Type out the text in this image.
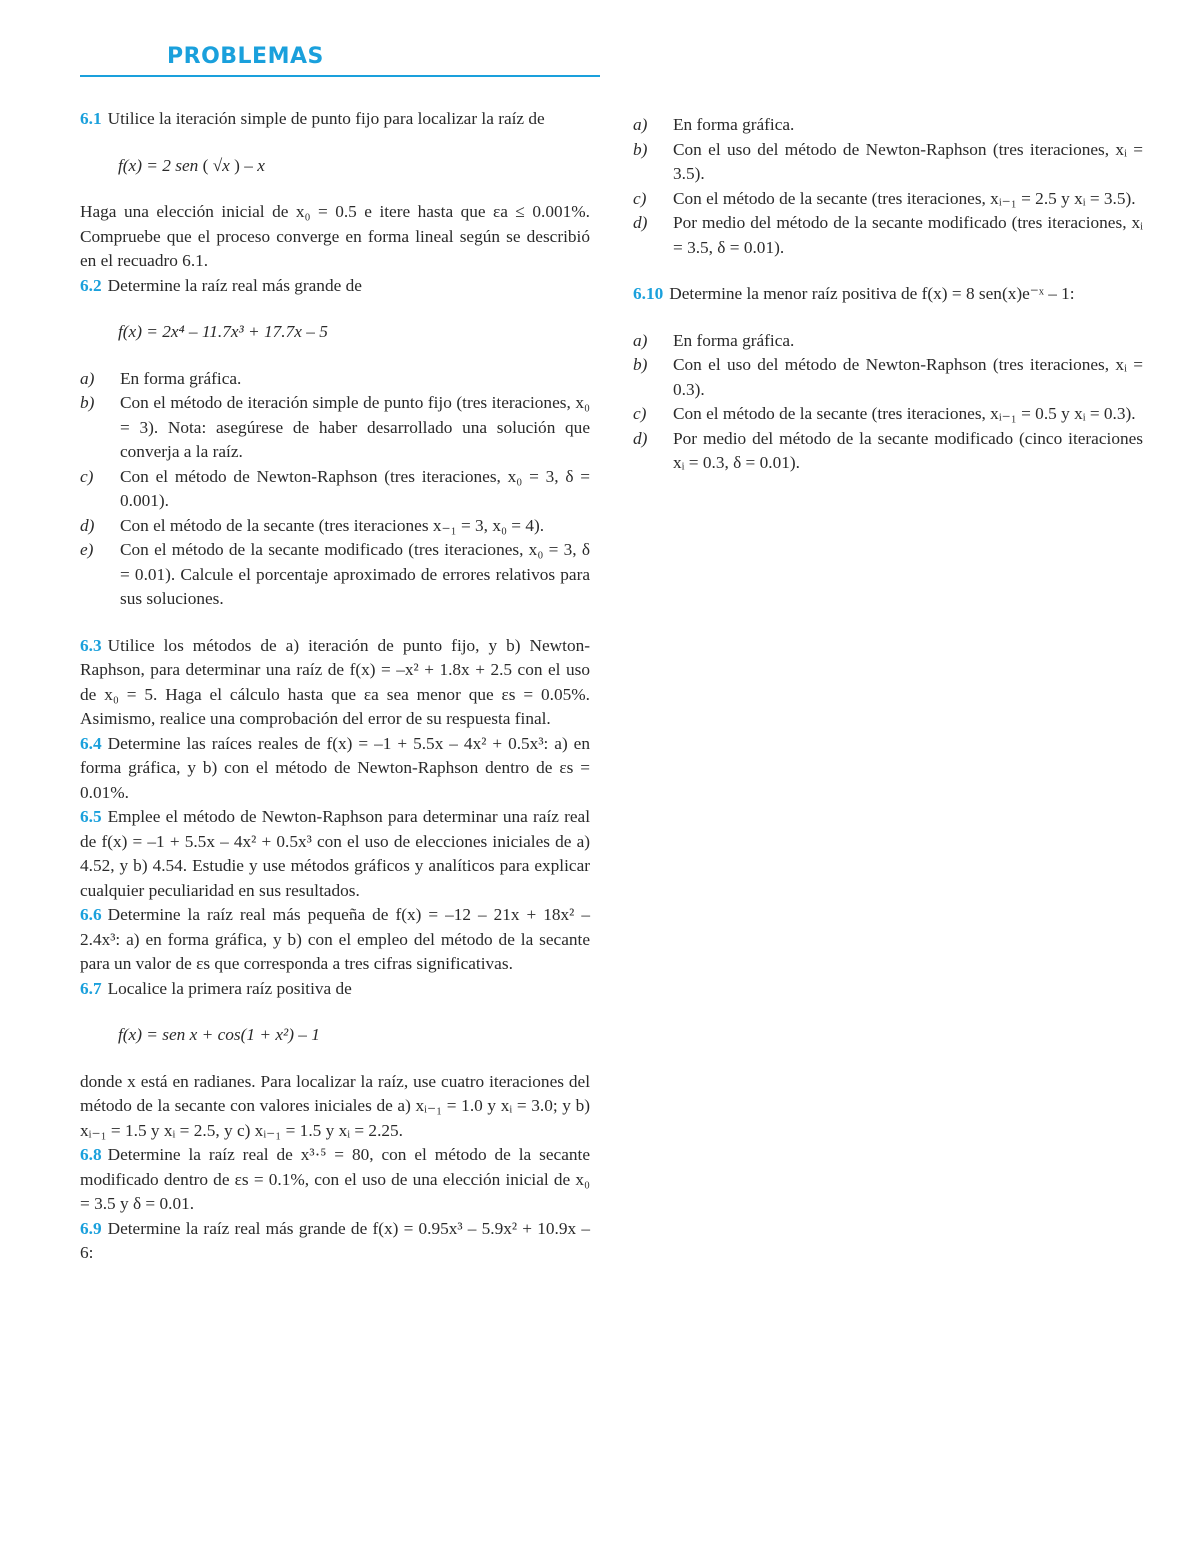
PROBLEMAS

6.1 Utilice la iteración simple de punto fijo para localizar la raíz de

f(x) = 2 sen ( √x ) – x

Haga una elección inicial de x₀ = 0.5 e itere hasta que εa ≤ 0.001%. Compruebe que el proceso converge en forma lineal según se describió en el recuadro 6.1.

6.2 Determine la raíz real más grande de

f(x) = 2x⁴ – 11.7x³ + 17.7x – 5
a)	En forma gráfica.
b)	Con el método de iteración simple de punto fijo (tres iteraciones, x₀ = 3). Nota: asegúrese de haber desarrollado una solución que converja a la raíz.
c)	Con el método de Newton-Raphson (tres iteraciones, x₀ = 3, δ = 0.001).
d)	Con el método de la secante (tres iteraciones x₋₁ = 3, x₀ = 4).
e)	Con el método de la secante modificado (tres iteraciones, x₀ = 3, δ = 0.01). Calcule el porcentaje aproximado de errores relativos para sus soluciones.

6.3 Utilice los métodos de a) iteración de punto fijo, y b) Newton-Raphson, para determinar una raíz de f(x) = –x² + 1.8x + 2.5 con el uso de x₀ = 5. Haga el cálculo hasta que εa sea menor que εs = 0.05%. Asimismo, realice una comprobación del error de su respuesta final.

6.4 Determine las raíces reales de f(x) = –1 + 5.5x – 4x² + 0.5x³: a) en forma gráfica, y b) con el método de Newton-Raphson dentro de εs = 0.01%.

6.5 Emplee el método de Newton-Raphson para determinar una raíz real de f(x) = –1 + 5.5x – 4x² + 0.5x³ con el uso de elecciones iniciales de a) 4.52, y b) 4.54. Estudie y use métodos gráficos y analíticos para explicar cualquier peculiaridad en sus resultados.

6.6 Determine la raíz real más pequeña de f(x) = –12 – 21x + 18x² – 2.4x³: a) en forma gráfica, y b) con el empleo del método de la secante para un valor de εs que corresponda a tres cifras significativas.

6.7 Localice la primera raíz positiva de

f(x) = sen x + cos(1 + x²) – 1

donde x está en radianes. Para localizar la raíz, use cuatro iteraciones del método de la secante con valores iniciales de a) xᵢ₋₁ = 1.0 y xᵢ = 3.0; y b) xᵢ₋₁ = 1.5 y xᵢ = 2.5, y c) xᵢ₋₁ = 1.5 y xᵢ = 2.25.

6.8 Determine la raíz real de x³·⁵ = 80, con el método de la secante modificado dentro de εs = 0.1%, con el uso de una elección inicial de x₀ = 3.5 y δ = 0.01.

6.9 Determine la raíz real más grande de f(x) = 0.95x³ – 5.9x² + 10.9x – 6:

a)	En forma gráfica.
b)	Con el uso del método de Newton-Raphson (tres iteraciones, xᵢ = 3.5).
c)	Con el método de la secante (tres iteraciones, xᵢ₋₁ = 2.5 y xᵢ = 3.5).
d)	Por medio del método de la secante modificado (tres iteraciones, xᵢ = 3.5, δ = 0.01).

6.10 Determine la menor raíz positiva de f(x) = 8 sen(x)e⁻ˣ – 1:

a)	En forma gráfica.
b)	Con el uso del método de Newton-Raphson (tres iteraciones, xᵢ = 0.3).
c)	Con el método de la secante (tres iteraciones, xᵢ₋₁ = 0.5 y xᵢ = 0.3).
d)	Por medio del método de la secante modificado (cinco iteraciones xᵢ = 0.3, δ = 0.01).
